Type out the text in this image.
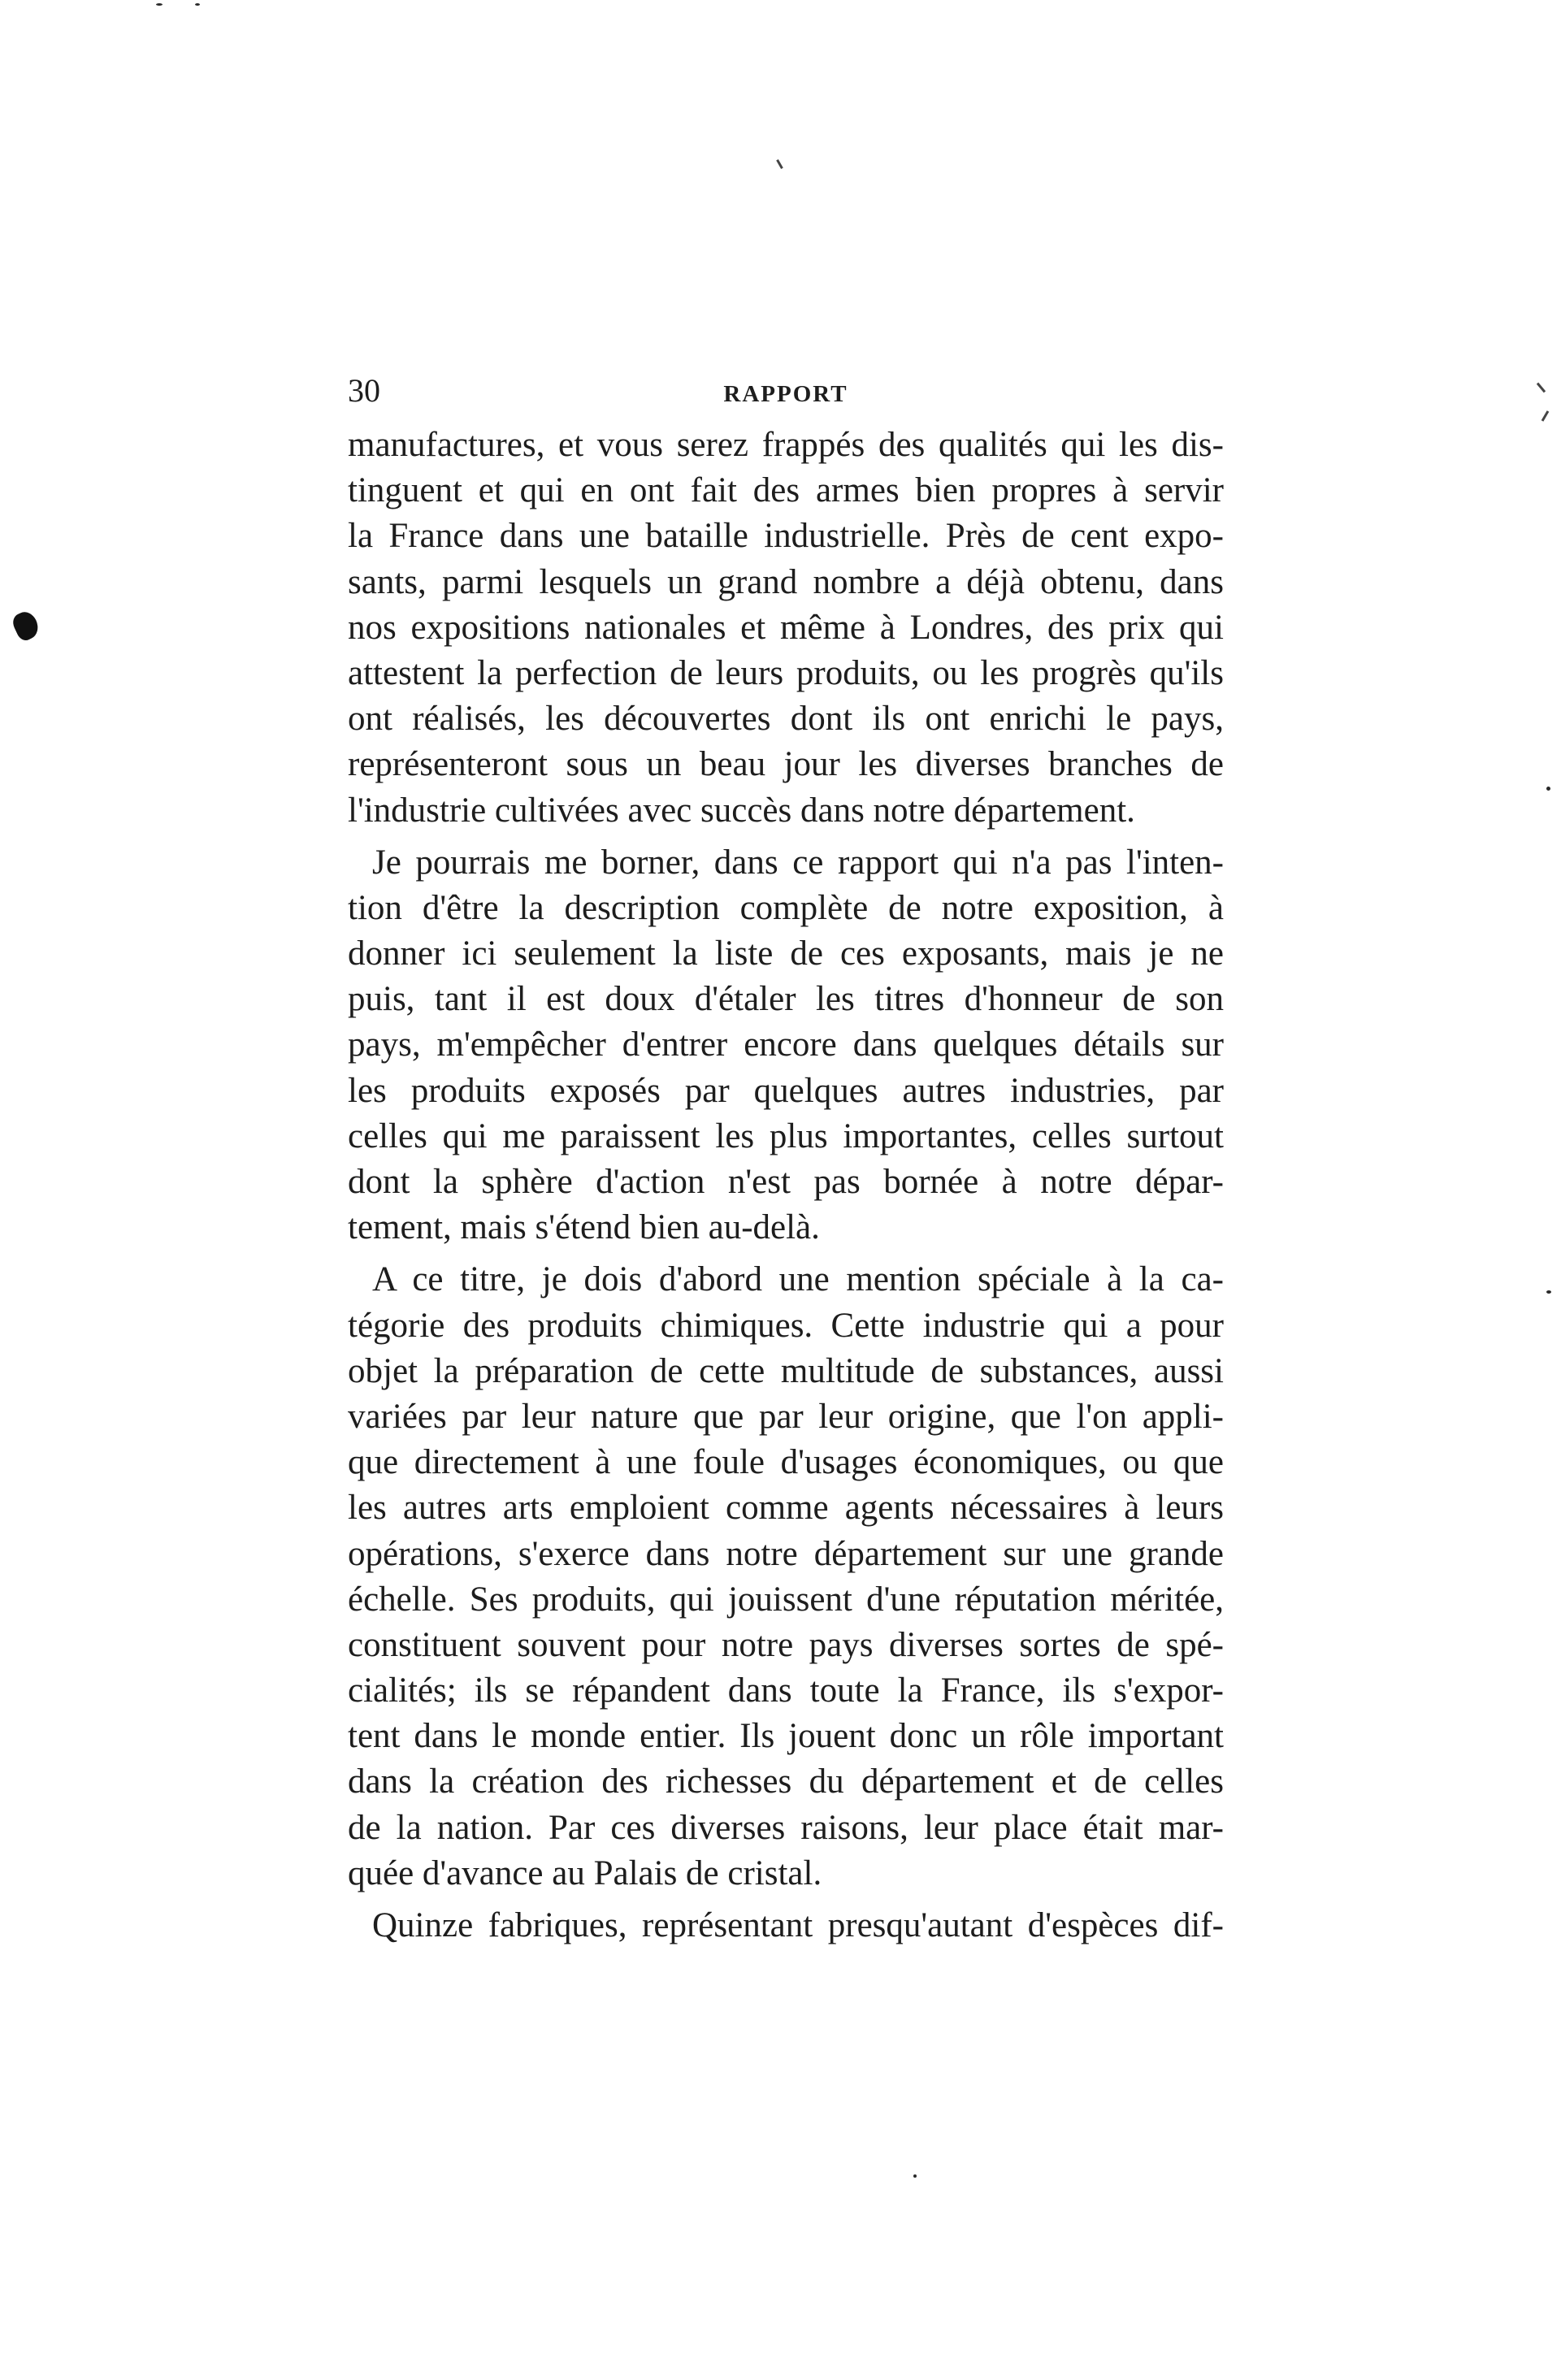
30	RAPPORT
manufactures, et vous serez frappés des qualités qui les dis-
tinguent et qui en ont fait des armes bien propres à servir
la France dans une bataille industrielle. Près de cent expo-
sants, parmi lesquels un grand nombre a déjà obtenu, dans
nos expositions nationales et même à Londres, des prix qui
attestent la perfection de leurs produits, ou les progrès qu'ils
ont réalisés, les découvertes dont ils ont enrichi le pays,
représenteront sous un beau jour les diverses branches de
l'industrie cultivées avec succès dans notre département.
Je pourrais me borner, dans ce rapport qui n'a pas l'inten-
tion d'être la description complète de notre exposition, à
donner ici seulement la liste de ces exposants, mais je ne
puis, tant il est doux d'étaler les titres d'honneur de son
pays, m'empêcher d'entrer encore dans quelques détails sur
les produits exposés par quelques autres industries, par
celles qui me paraissent les plus importantes, celles surtout
dont la sphère d'action n'est pas bornée à notre dépar-
tement, mais s'étend bien au-delà.
A ce titre, je dois d'abord une mention spéciale à la ca-
tégorie des produits chimiques. Cette industrie qui a pour
objet la préparation de cette multitude de substances, aussi
variées par leur nature que par leur origine, que l'on appli-
que directement à une foule d'usages économiques, ou que
les autres arts emploient comme agents nécessaires à leurs
opérations, s'exerce dans notre département sur une grande
échelle. Ses produits, qui jouissent d'une réputation méritée,
constituent souvent pour notre pays diverses sortes de spé-
cialités; ils se répandent dans toute la France, ils s'expor-
tent dans le monde entier. Ils jouent donc un rôle important
dans la création des richesses du département et de celles
de la nation. Par ces diverses raisons, leur place était mar-
quée d'avance au Palais de cristal.
Quinze fabriques, représentant presqu'autant d'espèces dif-
